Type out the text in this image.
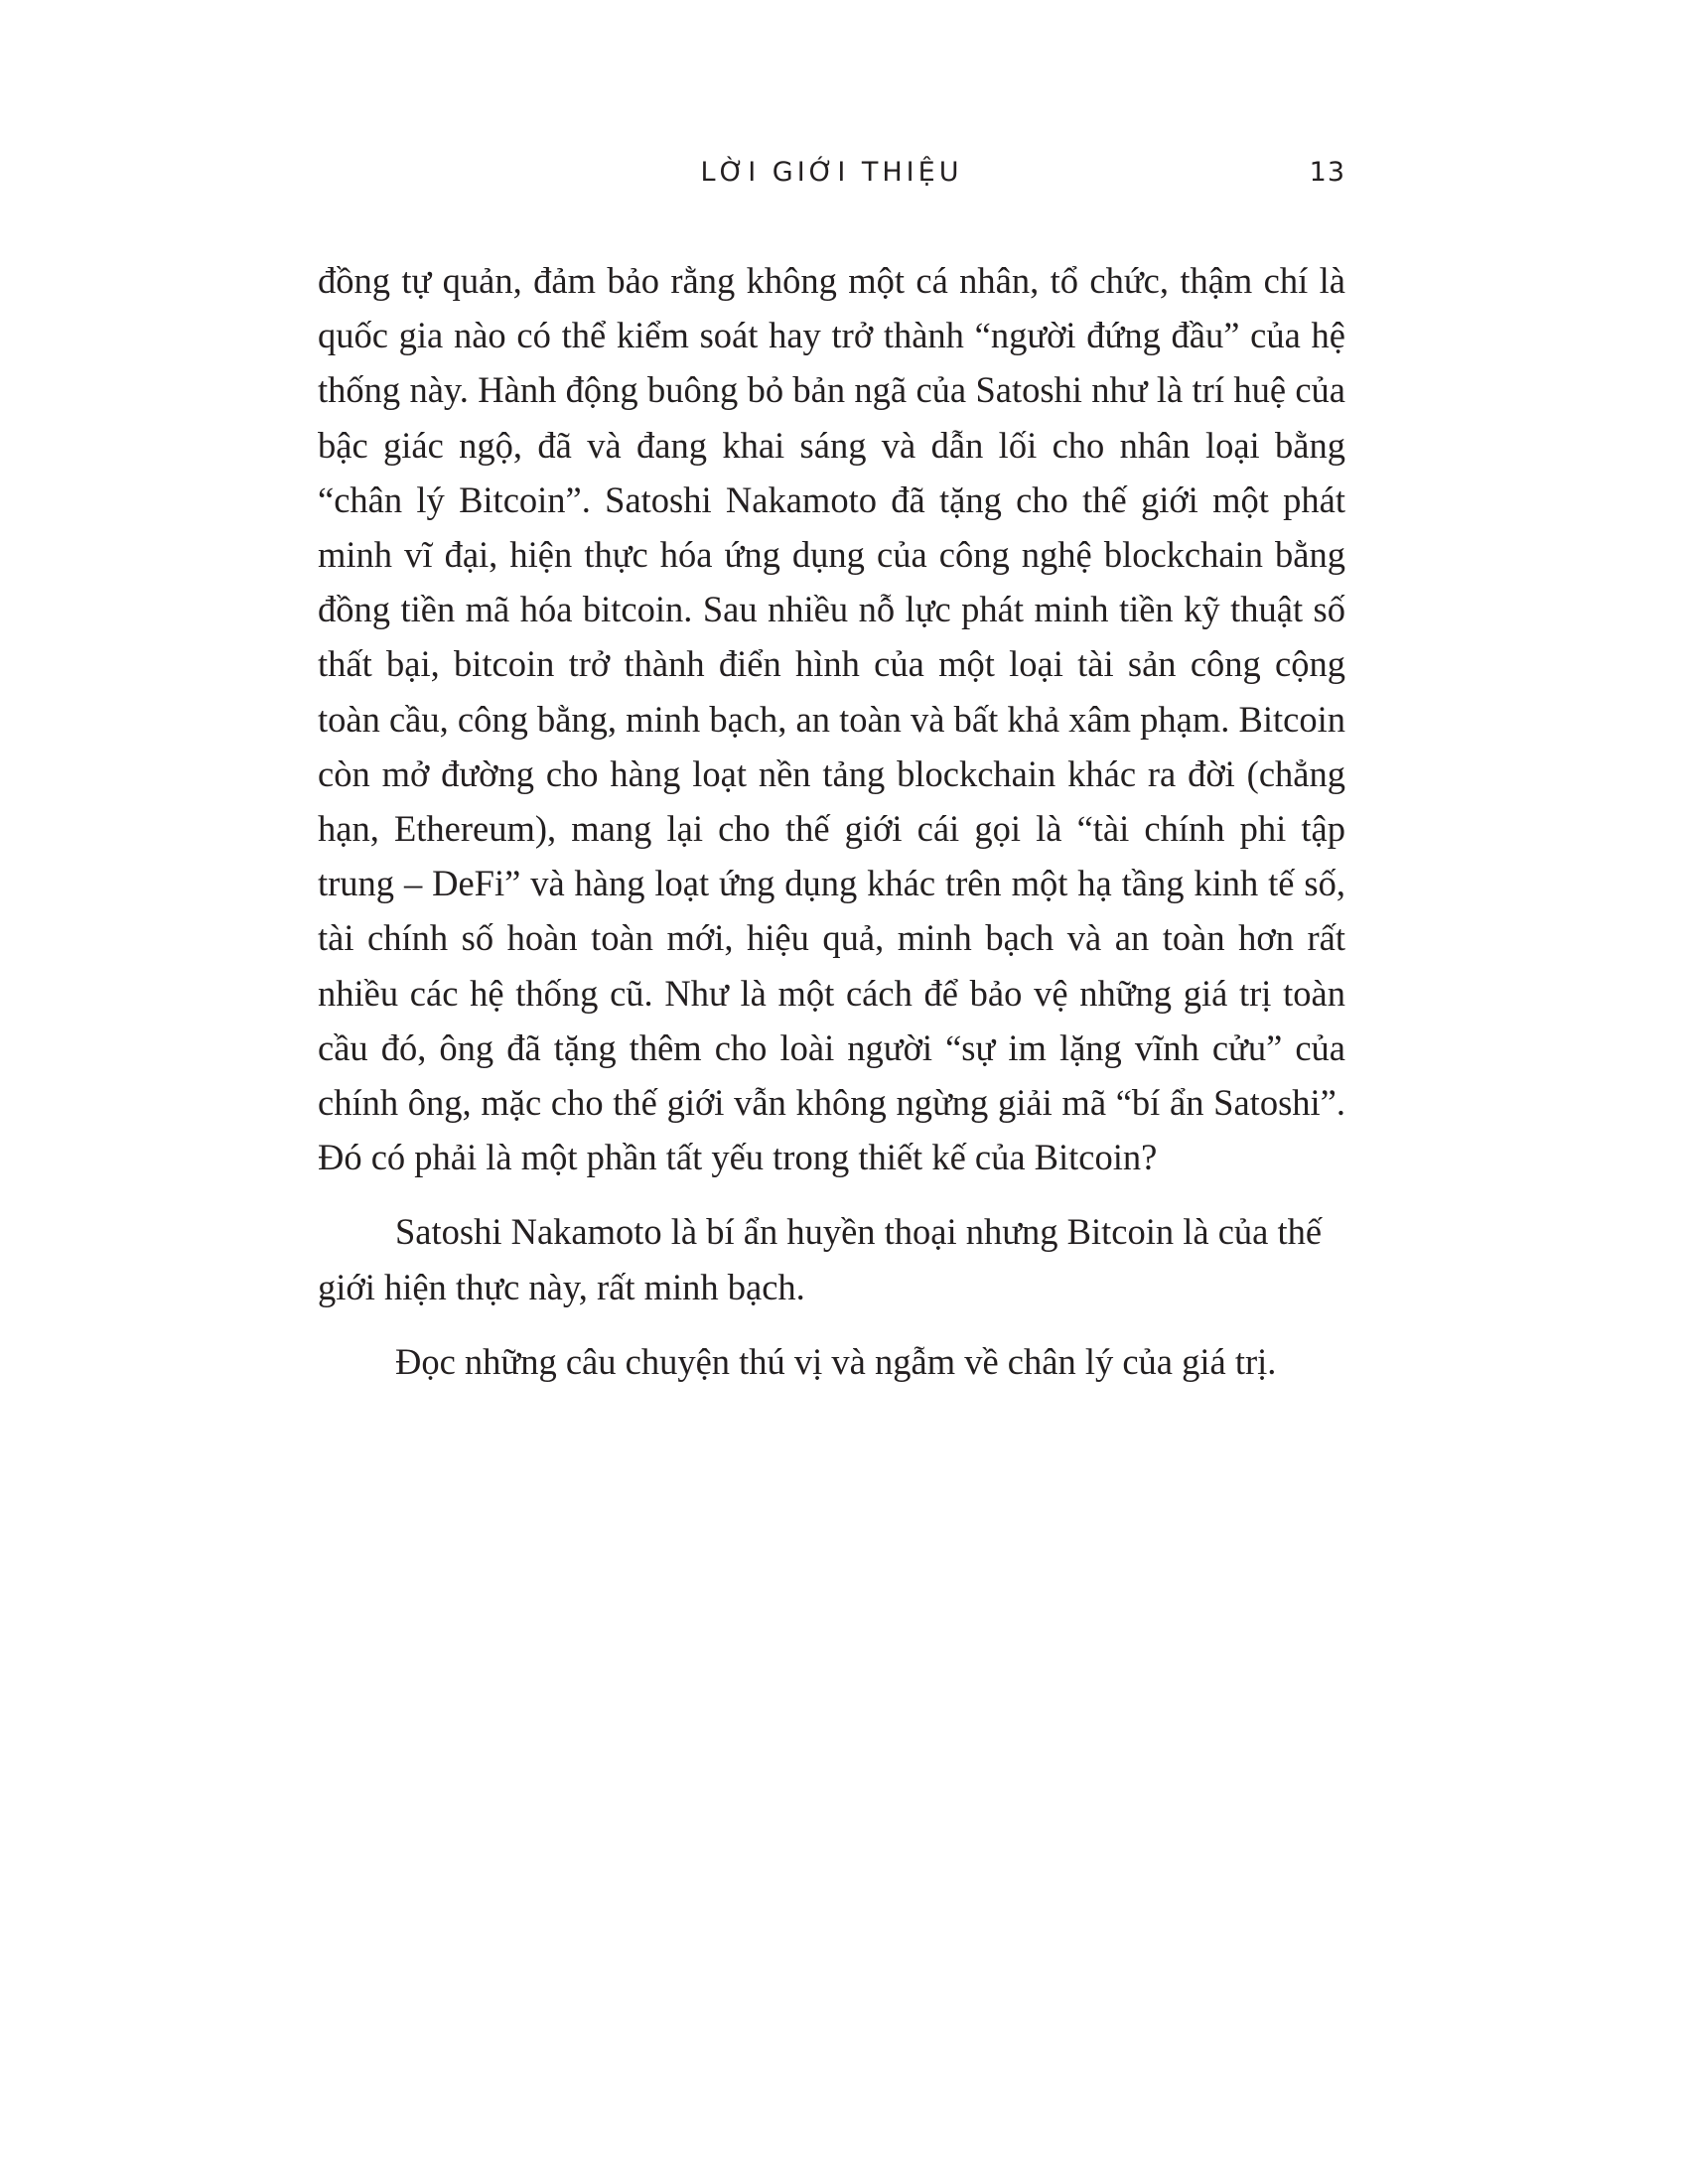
LỜI GIỚI THIỆU	13

đồng tự quản, đảm bảo rằng không một cá nhân, tổ chức, thậm chí là quốc gia nào có thể kiểm soát hay trở thành “người đứng đầu” của hệ thống này. Hành động buông bỏ bản ngã của Satoshi như là trí huệ của bậc giác ngộ, đã và đang khai sáng và dẫn lối cho nhân loại bằng “chân lý Bitcoin”. Satoshi Nakamoto đã tặng cho thế giới một phát minh vĩ đại, hiện thực hóa ứng dụng của công nghệ blockchain bằng đồng tiền mã hóa bitcoin. Sau nhiều nỗ lực phát minh tiền kỹ thuật số thất bại, bitcoin trở thành điển hình của một loại tài sản công cộng toàn cầu, công bằng, minh bạch, an toàn và bất khả xâm phạm. Bitcoin còn mở đường cho hàng loạt nền tảng blockchain khác ra đời (chẳng hạn, Ethereum), mang lại cho thế giới cái gọi là “tài chính phi tập trung – DeFi” và hàng loạt ứng dụng khác trên một hạ tầng kinh tế số, tài chính số hoàn toàn mới, hiệu quả, minh bạch và an toàn hơn rất nhiều các hệ thống cũ. Như là một cách để bảo vệ những giá trị toàn cầu đó, ông đã tặng thêm cho loài người “sự im lặng vĩnh cửu” của chính ông, mặc cho thế giới vẫn không ngừng giải mã “bí ẩn Satoshi”. Đó có phải là một phần tất yếu trong thiết kế của Bitcoin?

Satoshi Nakamoto là bí ẩn huyền thoại nhưng Bitcoin là của thế giới hiện thực này, rất minh bạch.

Đọc những câu chuyện thú vị và ngẫm về chân lý của giá trị.
